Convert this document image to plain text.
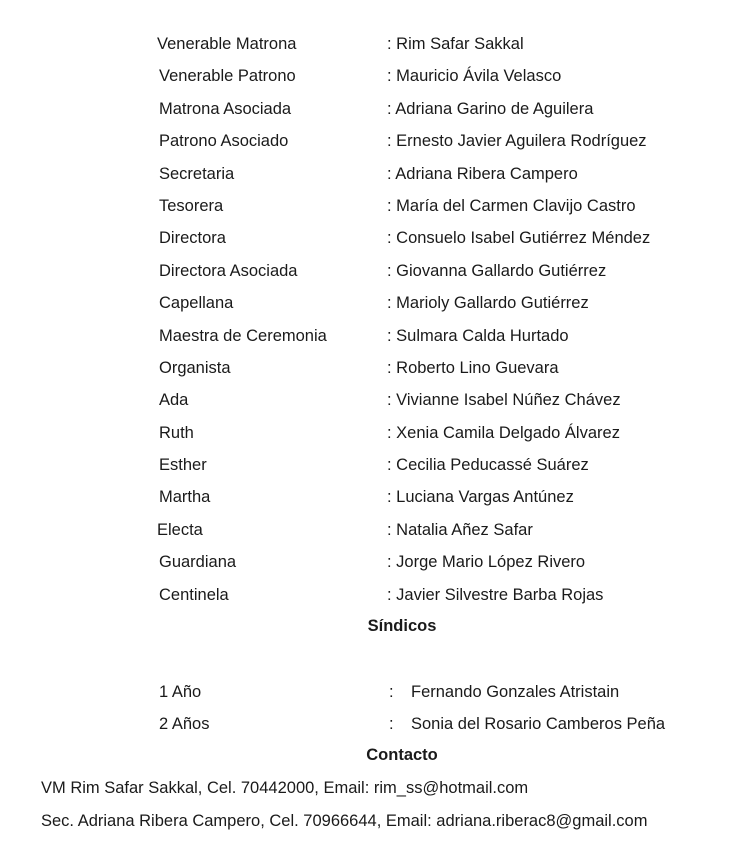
Venerable Matrona	: Rim Safar Sakkal
Venerable Patrono	: Mauricio Ávila Velasco
Matrona Asociada	: Adriana Garino de Aguilera
Patrono Asociado	: Ernesto Javier Aguilera Rodríguez
Secretaria	: Adriana Ribera Campero
Tesorera	: María del Carmen Clavijo Castro
Directora	: Consuelo Isabel Gutiérrez Méndez
Directora Asociada	: Giovanna Gallardo Gutiérrez
Capellana	: Marioly Gallardo Gutiérrez
Maestra de Ceremonia	: Sulmara Calda Hurtado
Organista	: Roberto Lino Guevara
Ada	: Vivianne Isabel Núñez Chávez
Ruth	: Xenia Camila Delgado Álvarez
Esther	: Cecilia Peducassé Suárez
Martha	: Luciana Vargas Antúnez
Electa	: Natalia Añez Safar
Guardiana	: Jorge Mario López Rivero
Centinela	: Javier Silvestre Barba Rojas
Síndicos
1 Año	: Fernando Gonzales Atristain
2 Años	: Sonia del Rosario Camberos Peña
Contacto
VM Rim Safar Sakkal, Cel. 70442000, Email: rim_ss@hotmail.com
Sec. Adriana Ribera Campero, Cel. 70966644, Email: adriana.riberac8@gmail.com
